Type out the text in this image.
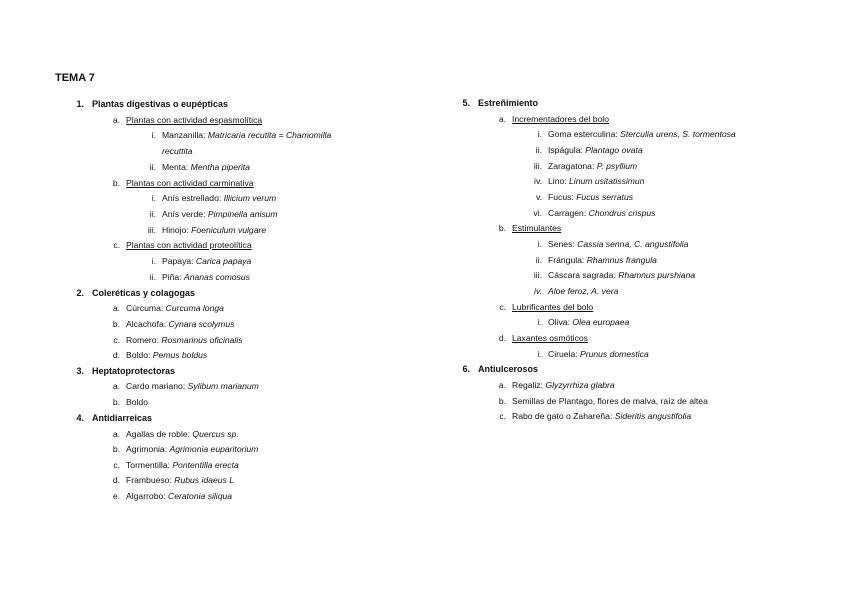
TEMA 7
1. Plantas digestivas o eupépticas
a. Plantas con actividad espasmolítica
i. Manzanilla: Matricaria recutita = Chamomilla
recuttita
ii. Menta: Mentha piperita
b. Plantas con actividad carminativa
i. Anís estrellado: Illicium verum
ii. Anís verde: Pimpinella anisum
iii. Hinojo: Foeniculum vulgare
c. Plantas con actividad proteolítica
i. Papaya: Carica papaya
ii. Piña: Ananas comosus
2. Coleréticas y colagogas
a. Cúrcuma: Curcuma longa
b. Alcachofa: Cynara scolymus
c. Romero: Rosmarinus oficinalis
d. Boldo: Pemus boldus
3. Heptatoprotectoras
a. Cardo mariano: Sylibum marianum
b. Boldo
4. Antidiarreicas
a. Agallas de roble: Quercus sp.
b. Agrimonia: Agrimonia euparitorium
c. Tormentilla: Pontentilla erecta
d. Frambueso: Rubus idaeus L
e. Algarrobo: Ceratonia siliqua
5. Estreñimiento
a. Incrementadores del bolo
i. Goma esterculina: Sterculia urens, S. tormentosa
ii. Ispágula: Plantago ovata
iii. Zaragatona: P. psyllium
iv. Lino: Linum usitatissimun
v. Fucus: Fucus serratus
vi. Carragen: Chondrus crispus
b. Estimulantes
i. Senes: Cassia senna, C. angustifolia
ii. Frángula: Rhamnus frangula
iii. Cáscara sagrada: Rhamnus purshiana
iv. Aloe feroz, A. vera
c. Lubrificantes del bolo
i. Oliva: Olea europaea
d. Laxantes osmóticos
i. Ciruela: Prunus domestica
6. Antiulcerosos
a. Regaliz: Glyzyrrhiza glabra
b. Semillas de Plantago, flores de malva, raíz de altea
c. Rabo de gato o Zahareña: Sideritis angustifolia
